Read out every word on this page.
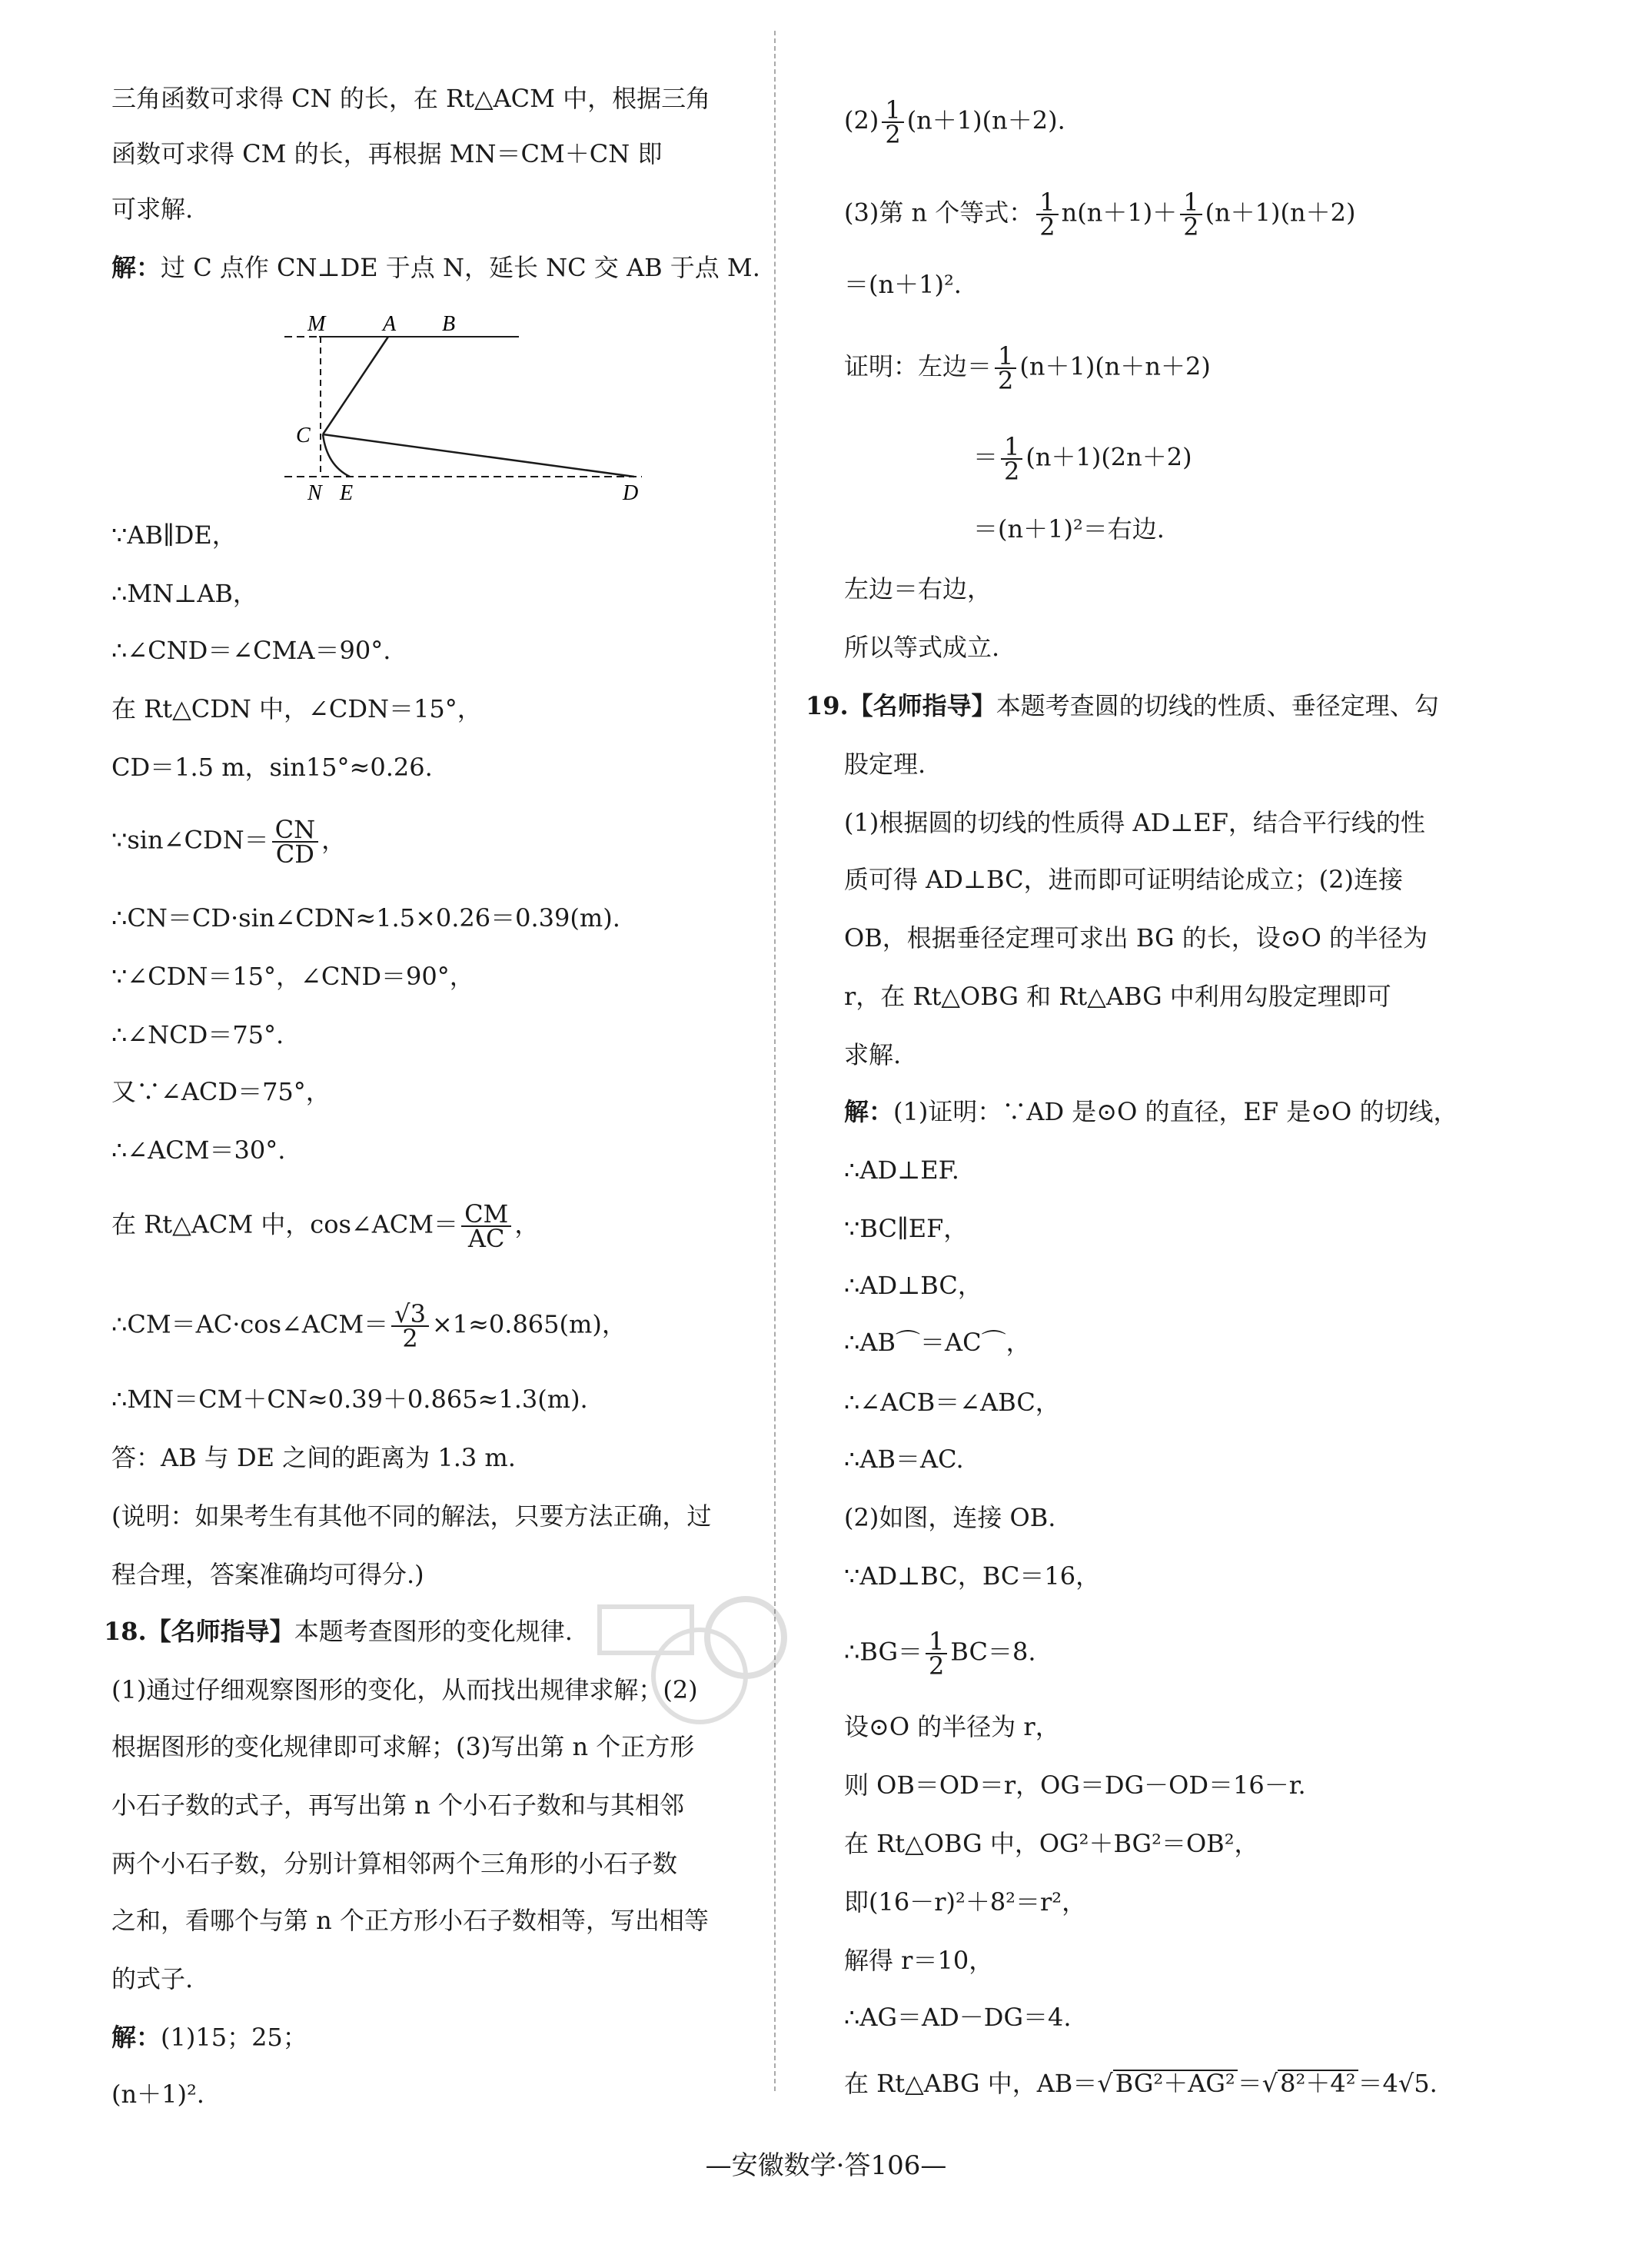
三角函数可求得 CN 的长，在 Rt△ACM 中，根据三角
函数可求得 CM 的长，再根据 MN＝CM＋CN 即
可求解.
解：过 C 点作 CN⊥DE 于点 N，延长 NC 交 AB 于点 M.
M	A B
C
N E	D
∵AB∥DE，
∴MN⊥AB，
∴∠CND＝∠CMA＝90°.
在 Rt△CDN 中，∠CDN＝15°，
CD＝1.5 m，sin15°≈0.26.
∵sin∠CDN＝ $\frac{CN}{CD}$ ，
∴CN＝CD·sin∠CDN≈1.5×0.26＝0.39(m).
∵∠CDN＝15°，∠CND＝90°，
∴∠NCD＝75°.
又∵∠ACD＝75°，
∴∠ACM＝30°.
在 Rt△ACM 中，cos∠ACM＝ $\frac{CM}{AC}$ ，
∴CM＝AC·cos∠ACM＝ $\frac{√3}{2} \times 1\approx 0.865(m)$，
∴MN＝CM＋CN≈0.39＋0.865≈1.3(m).
答：AB 与 DE 之间的距离为 1.3 m.
(说明：如果考生有其他不同的解法，只要方法正确，过
程合理，答案准确均可得分.)
18.【名师指导】本题考查图形的变化规律.
(1)通过仔细观察图形的变化，从而找出规律求解；(2)
根据图形的变化规律即可求解；(3)写出第 n 个正方形
小石子数的式子，再写出第 n 个小石子数和与其相邻
两个小石子数，分别计算相邻两个三角形的小石子数
之和，看哪个与第 n 个正方形小石子数相等，写出相等
的式子.
解：(1)15；25；
(n＋1)².
$(2) \frac{1}{2} (n+1)(n+2)$.
(3)第 n 个等式： $\frac{1}{2} n(n+1)+ \frac{1}{2} (n+1)(n+2)$
＝(n＋1)².
证明：左边＝ $\frac{1}{2} (n+1)(n+n+2)$
＝ $\frac{1}{2} (n+1)(2n+2)$
＝(n＋1)²＝右边.
左边＝右边，
所以等式成立.
19.【名师指导】本题考查圆的切线的性质、垂径定理、勾
股定理.
(1)根据圆的切线的性质得 AD⊥EF，结合平行线的性
质可得 AD⊥BC，进而即可证明结论成立；(2)连接
OB，根据垂径定理可求出 BG 的长，设⊙O 的半径为
r，在 Rt△OBG 和 Rt△ABG 中利用勾股定理即可
求解.
解：(1)证明：∵AD 是⊙O 的直径，EF 是⊙O 的切线，
∴AD⊥EF.
∵BC∥EF，
∴AD⊥BC，
∴AB⌒＝AC⌒，
∴∠ACB＝∠ABC，
∴AB＝AC.
(2)如图，连接 OB.
∵AD⊥BC，BC＝16，
∴BG＝ $\frac{1}{2} BC=8$.
设⊙O 的半径为 r，
则 OB＝OD＝r，OG＝DG－OD＝16－r.
在 Rt△OBG 中，OG²＋BG²＝OB²，
即(16－r)²＋8²＝r²，
解得 r＝10，
∴AG＝AD－DG＝4.
在 Rt△ABG 中，AB＝√BG²＋AG²＝√8²＋4²＝4√5.
—安徽数学·答106—
